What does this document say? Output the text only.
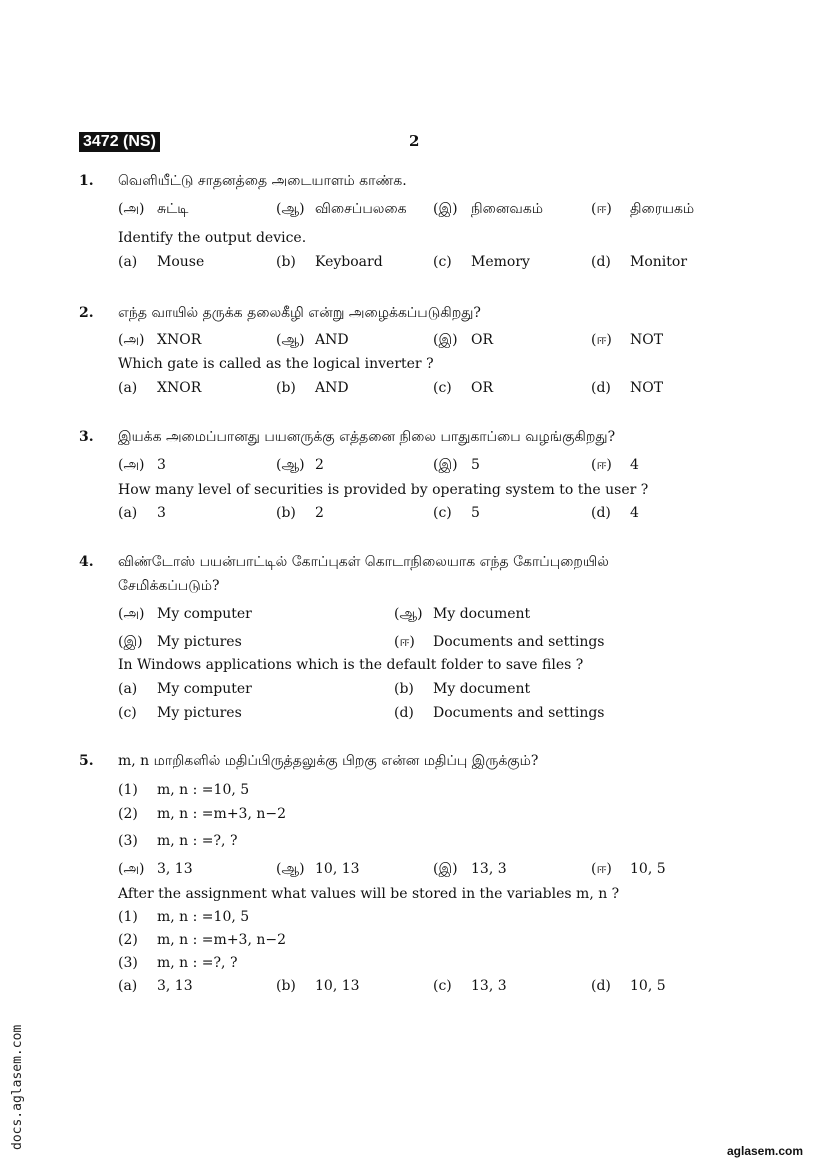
3472 (NS)	2
1. வெளியீட்டு சாதனத்தை அடையாளம் காண்க.
(அ) சுட்டி	(ஆ) விசைப்பலகை (இ) நினைவகம்	(ஈ) திரையகம்
Identify the output device.
(a) Mouse	(b) Keyboard	(c) Memory	(d) Monitor
2. எந்த வாயில் தருக்க தலைகீழி என்று அழைக்கப்படுகிறது?
(அ) XNOR	(ஆ) AND	(இ) OR	(ஈ) NOT
Which gate is called as the logical inverter ?
(a) XNOR	(b) AND	(c) OR	(d) NOT
3. இயக்க அமைப்பானது பயனருக்கு எத்தனை நிலை பாதுகாப்பை வழங்குகிறது?
(அ) 3	(ஆ) 2	(இ) 5	(ஈ) 4
How many level of securities is provided by operating system to the user ?
(a) 3	(b) 2	(c) 5	(d) 4
4. விண்டோஸ் பயன்பாட்டில் கோப்புகள் கொடாநிலையாக எந்த கோப்புறையில்
சேமிக்கப்படும்?
(அ) My computer	(ஆ) My document
(இ) My pictures	(ஈ) Documents and settings
In Windows applications which is the default folder to save files ?
(a) My computer	(b) My document
(c) My pictures	(d) Documents and settings
5. m, n மாறிகளில் மதிப்பிருத்தலுக்கு பிறகு என்ன மதிப்பு இருக்கும்?
(1) m, n : =10, 5
(2) m, n : =m+3, n−2
(3) m, n : =?, ?
(அ) 3, 13	(ஆ) 10, 13	(இ) 13, 3	(ஈ) 10, 5
After the assignment what values will be stored in the variables m, n ?
(1) m, n : =10, 5
(2) m, n : =m+3, n−2
(3) m, n : =?, ?
(a) 3, 13	(b) 10, 13	(c) 13, 3	(d) 10, 5
docs.aglasem.com
aglasem.com
